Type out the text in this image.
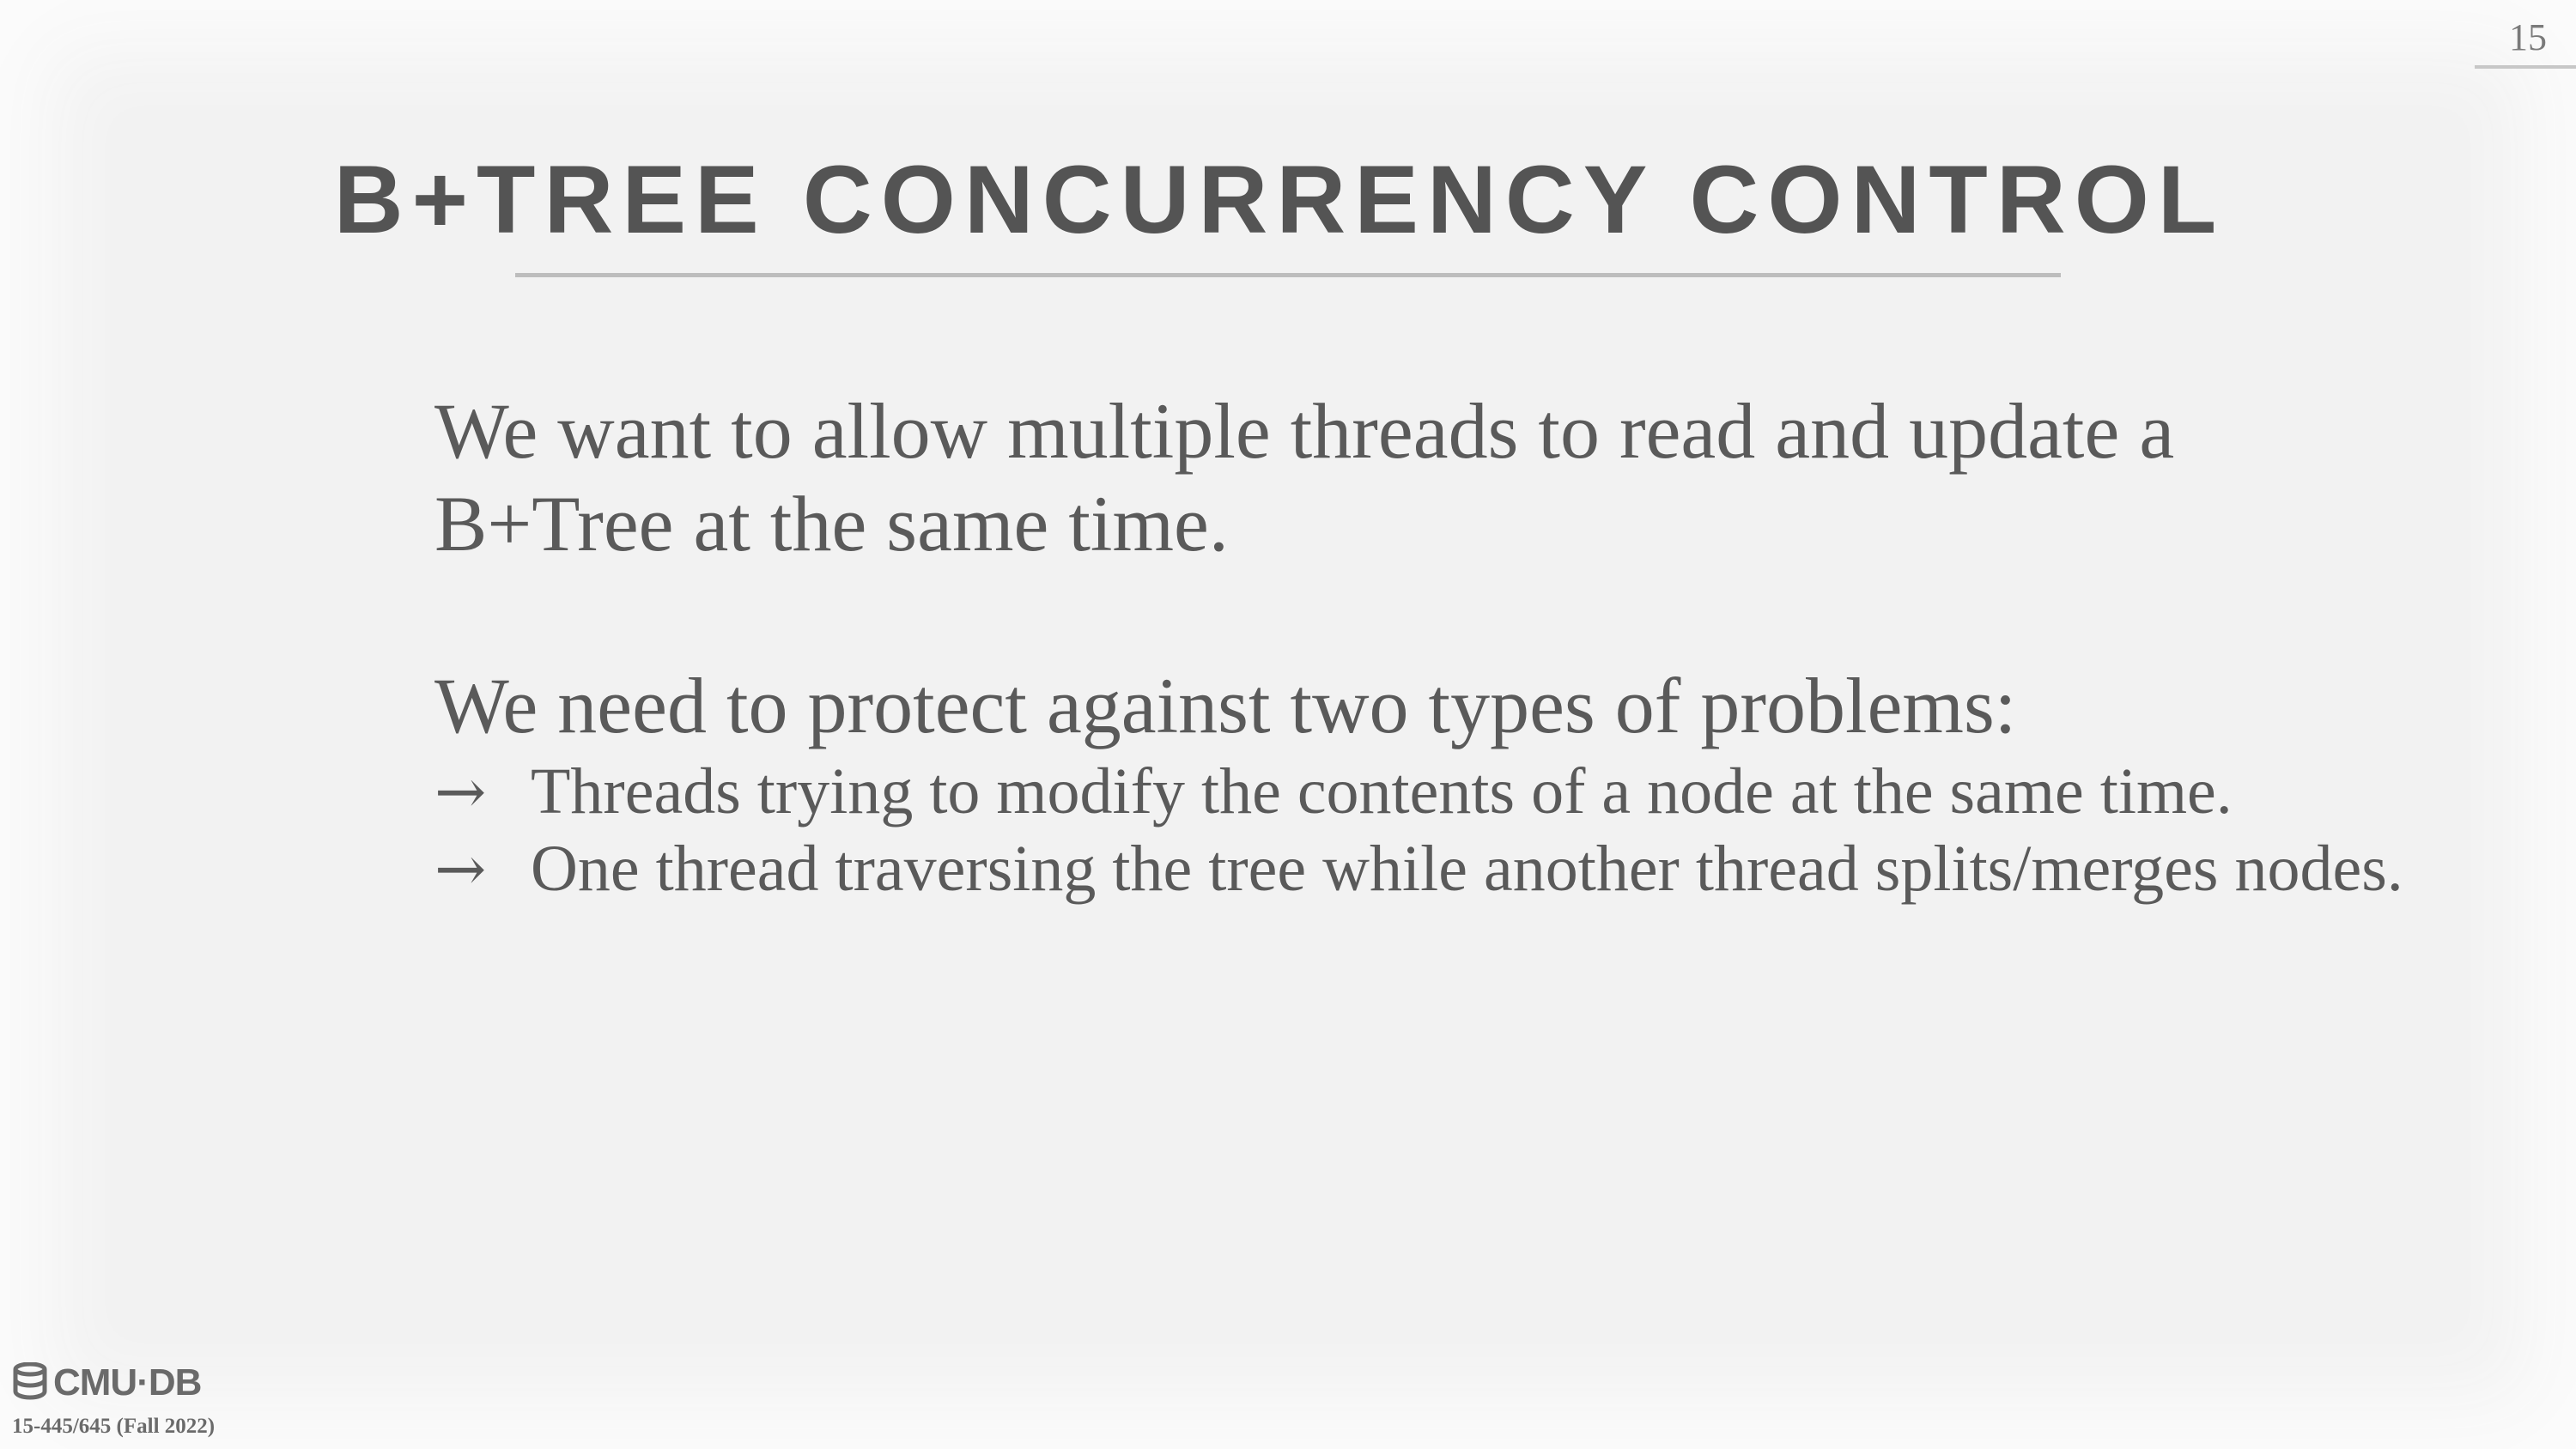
15
B+TREE CONCURRENCY CONTROL

We want to allow multiple threads to read and update a B+Tree at the same time.

We need to protect against two types of problems:

→ Threads trying to modify the contents of a node at the same time.
→ One thread traversing the tree while another thread splits/merges nodes.
CMU·DB
15-445/645 (Fall 2022)
